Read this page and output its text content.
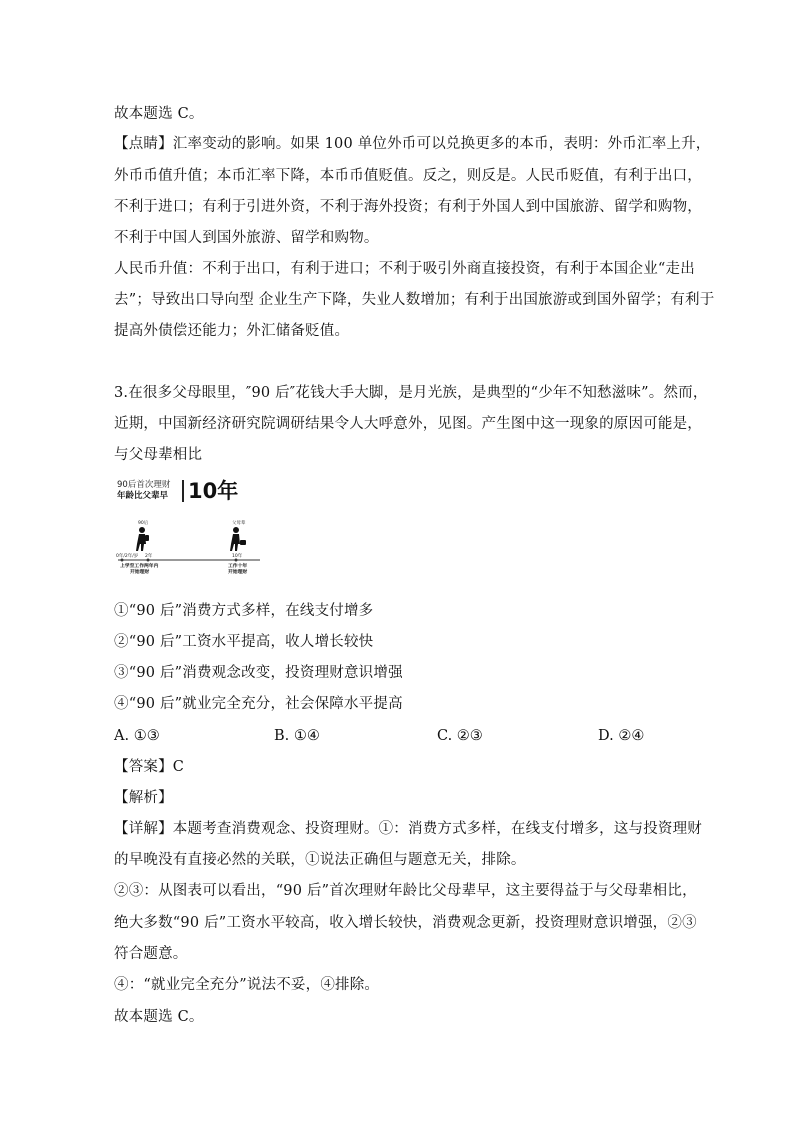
故本题选 C。
【点睛】汇率变动的影响。如果 100 单位外币可以兑换更多的本币，表明：外币汇率上升，
外币币值升值；本币汇率下降，本币币值贬值。反之，则反是。人民币贬值，有利于出口，
不利于进口；有利于引进外资，不利于海外投资；有利于外国人到中国旅游、留学和购物，
不利于中国人到国外旅游、留学和购物。
人民币升值：不利于出口，有利于进口；不利于吸引外商直接投资，有利于本国企业“走出
去”；导致出口导向型 企业生产下降，失业人数增加；有利于出国旅游或到国外留学；有利于
提高外债偿还能力；外汇储备贬值。
3.在很多父母眼里，″90 后″花钱大手大脚，是月光族，是典型的“少年不知愁滋味”。然而，
近期，中国新经济研究院调研结果令人大呼意外，见图。产生图中这一现象的原因可能是，
与父母辈相比
90后首次理财
年龄比父辈早 10年
90后	父母辈
0年/2年/岁 2年	10年
上学至工作两年内
开始理财
工作十年
开始理财
①“90 后”消费方式多样，在线支付增多
②“90 后”工资水平提高，收人增长较快
③“90 后”消费观念改变，投资理财意识增强
④“90 后”就业完全充分，社会保障水平提高
A. ①③	B. ①④	C. ②③	D. ②④
【答案】C
【解析】
【详解】本题考查消费观念、投资理财。①：消费方式多样，在线支付增多，这与投资理财
的早晚没有直接必然的关联，①说法正确但与题意无关，排除。
②③：从图表可以看出，“90 后”首次理财年龄比父母辈早，这主要得益于与父母辈相比，
绝大多数“90 后”工资水平较高，收入增长较快，消费观念更新，投资理财意识增强，②③
符合题意。
④：“就业完全充分”说法不妥，④排除。
故本题选 C。
